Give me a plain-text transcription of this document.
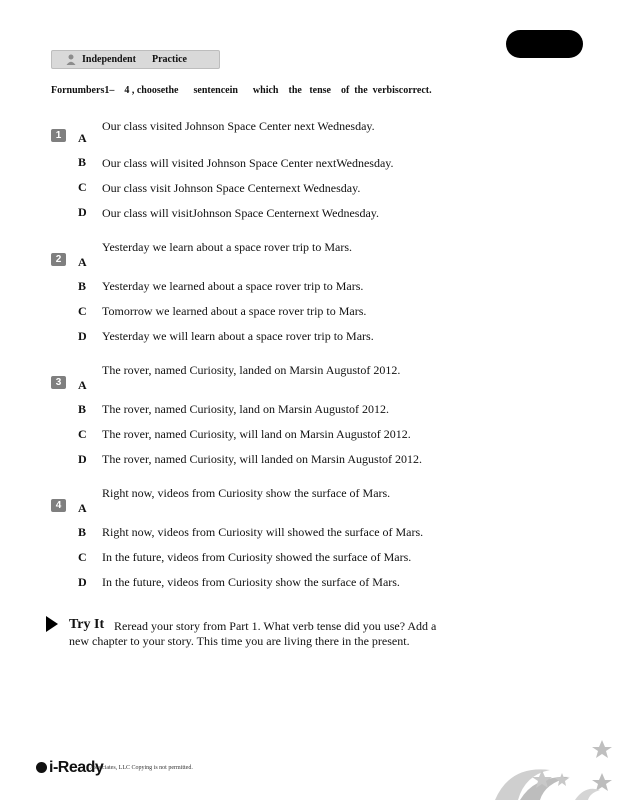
Independent Practice
Fornumbers1–    4 , choosethe      sentencein      which    the   tense    of  the  verbiscorrect.
1	A
Our class visited Johnson Space Center next Wednesday.
B	Our class will visited Johnson Space Center nextWednesday.
C Our class visit Johnson Space Centernext Wednesday.
D Our class will visitJohnson Space Centernext Wednesday.
2	A
Yesterday we learn about a space rover trip to Mars.
B	Yesterday we learned about a space rover trip to Mars.
C Tomorrow we learned about a space rover trip to Mars.
D Yesterday we will learn about a space rover trip to Mars.
3	A
The rover, named Curiosity, landed on Marsin Augustof 2012.
B	The rover, named Curiosity, land on Marsin Augustof 2012.
C The rover, named Curiosity, will land on Marsin Augustof 2012.
D The rover, named Curiosity, will landed on Marsin Augustof 2012.
4	A
Right now, videos from Curiosity show the surface of Mars.
B	Right now, videos from Curiosity will showed the surface of Mars.
C In the future, videos from Curiosity showed the surface of Mars.
D In the future, videos from Curiosity show the surface of Mars.
Try It Reread your story from Part 1. What verb tense did you use? Add a
new chapter to your story. This time you are living there in the present.
Associates, LLC Copying is not permitted.
i-Ready
